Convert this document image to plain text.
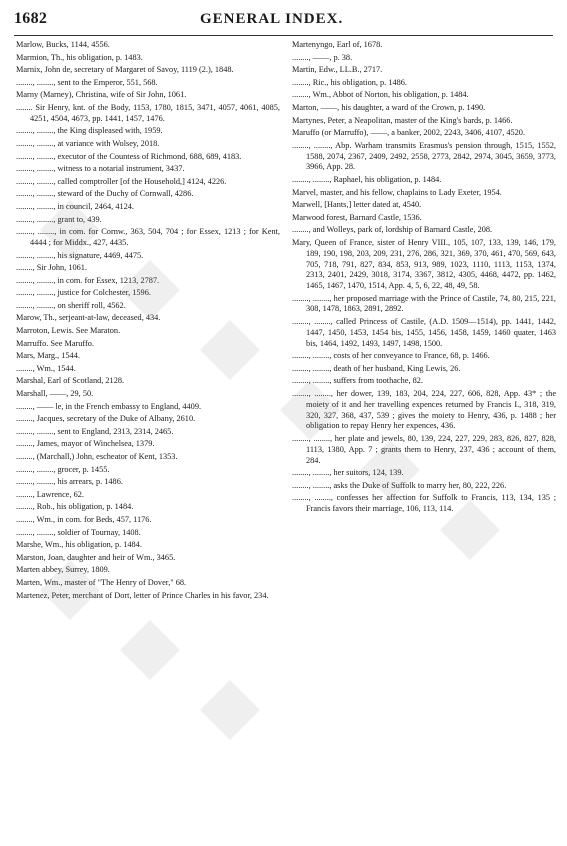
1682	GENERAL INDEX.

Marlow, Bucks, 1144, 4556.

Marmion, Th., his obligation, p. 1483.

Marnix, John de, secretary of Margaret of Savoy, 1119 (2.), 1848.

........, ........, sent to the Emperor, 551, 568.

Marny (Marney), Christina, wife of Sir John, 1061.

........ Sir Henry, knt. of the Body, 1153, 1780, 1815, 3471, 4057, 4061, 4085, 4251, 4504, 4673, pp. 1441, 1457, 1476.

........, ........, the King displeased with, 1959.

........, ........, at variance with Wolsey, 2018.

........, ........, executor of the Countess of Richmond, 688, 689, 4183.

........, ........, witness to a notarial instrument, 3437.

........, ........, called comptroller [of the Household,] 4124, 4226.

........, ........, steward of the Duchy of Cornwall, 4286.

........, ........, in council, 2464, 4124.

........, ........, grant to, 439.

........, ........, in com. for Cornw., 363, 504, 704 ; for Essex, 1213 ; for Kent, 4444 ; for Middx., 427, 4435.

........, ........, his signature, 4469, 4475.

........, Sir John, 1061.

........, ........, in com. for Essex, 1213, 2787.

........, ........, justice for Colchester, 1596.

........, ........, on sheriff roll, 4562.

Marow, Th., serjeant-at-law, deceased, 434.

Marroton, Lewis. See Maraton.

Marruffo. See Maruffo.

Mars, Marg., 1544.

........, Wm., 1544.

Marshal, Earl of Scotland, 2128.

Marshall, ——, 29, 50.

........, —— le, in the French embassy to England, 4409.

........, Jacques, secretary of the Duke of Albany, 2610.

........, ........, sent to England, 2313, 2314, 2465.

........, James, mayor of Winchelsea, 1379.

........, (Marchall,) John, escheator of Kent, 1353.

........, ........, grocer, p. 1455.

........, ........, his arrears, p. 1486.

........, Lawrence, 62.

........, Rob., his obligation, p. 1484.

........, Wm., in com. for Beds, 457, 1176.

........, ........, soldier of Tournay, 1408.

Marshe, Wm., his obligation, p. 1484.

Marston, Joan, daughter and heir of Wm., 3465.

Marten abbey, Surrey, 1809.

Marten, Wm., master of "The Henry of Dover," 68.

Martenez, Peter, merchant of Dort, letter of Prince Charles in his favor, 234.

Martenyngo, Earl of, 1678.

........, ——, p. 38.

Martin, Edw., LL.B., 2717.

........, Ric., his obligation, p. 1486.

........, Wm., Abbot of Norton, his obligation, p. 1484.

Marton, ——, his daughter, a ward of the Crown, p. 1490.

Martynes, Peter, a Neapolitan, master of the King's bards, p. 1466.

Maruffo (or Marruffo), ——, a banker, 2002, 2243, 3406, 4107, 4520.

........, ........, Abp. Warham transmits Erasmus's pension through, 1515, 1552, 1588, 2074, 2367, 2409, 2492, 2558, 2773, 2842, 2974, 3045, 3659, 3773, 3966, App. 28.

........, ........, Raphael, his obligation, p. 1484.

Marvel, master, and his fellow, chaplains to Lady Exeter, 1954.

Marwell, [Hants,] letter dated at, 4540.

Marwood forest, Barnard Castle, 1536.

........, and Wolleys, park of, lordship of Barnard Castle, 208.

Mary, Queen of France, sister of Henry VIII., 105, 107, 133, 139, 146, 179, 189, 190, 198, 203, 209, 231, 276, 286, 321, 369, 370, 461, 470, 569, 643, 705, 718, 791, 827, 834, 853, 913, 989, 1023, 1110, 1113, 1153, 1374, 2313, 2401, 2429, 3018, 3174, 3367, 3812, 4305, 4468, 4472, pp. 1462, 1465, 1467, 1470, 1514, App. 4, 5, 6, 22, 48, 49, 58.

........, ........, her proposed marriage with the Prince of Castile, 74, 80, 215, 221, 308, 1478, 1863, 2891, 2892.

........, ........, called Princess of Castile, (A.D. 1509—1514), pp. 1441, 1442, 1447, 1450, 1453, 1454 bis, 1455, 1456, 1458, 1459, 1460 quater, 1463 bis, 1464, 1492, 1493, 1497, 1498, 1500.

........, ........, costs of her conveyance to France, 68, p. 1466.

........, ........, death of her husband, King Lewis, 26.

........, ........, suffers from toothache, 82.

........, ........, her dower, 139, 183, 204, 224, 227, 606, 828, App. 43* ; the moiety of it and her travelling expences returned by Francis I., 318, 319, 320, 327, 368, 437, 539 ; gives the moiety to Henry, 436, p. 1488 ; her obligation to repay Henry her expences, 436.

........, ........, her plate and jewels, 80, 139, 224, 227, 229, 283, 826, 827, 828, 1113, 1380, App. 7 ; grants them to Henry, 237, 436 ; account of them, 284.

........, ........, her suitors, 124, 139.

........, ........, asks the Duke of Suffolk to marry her, 80, 222, 226.

........, ........, confesses her affection for Suffolk to Francis, 113, 134, 135 ; Francis favors their marriage, 106, 113, 114.
